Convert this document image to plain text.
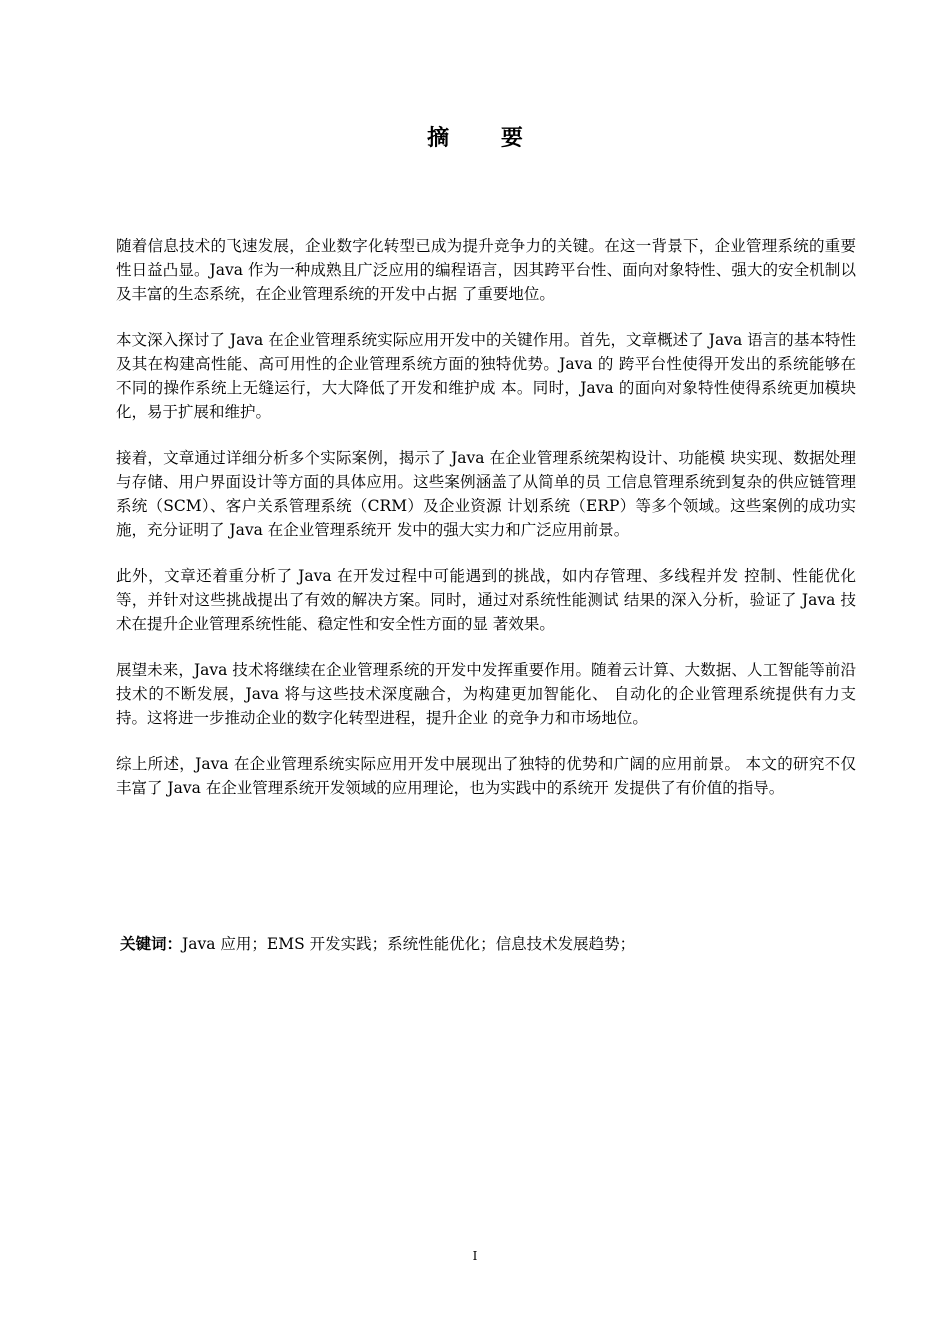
摘 要

随着信息技术的飞速发展，企业数字化转型已成为提升竞争力的关键。在这一背景下，企业管理系统的重要性日益凸显。Java 作为一种成熟且广泛应用的编程语言，因其跨平台性、面向对象特性、强大的安全机制以及丰富的生态系统，在企业管理系统的开发中占据 了重要地位。

本文深入探讨了 Java 在企业管理系统实际应用开发中的关键作用。首先，文章概述了 Java 语言的基本特性及其在构建高性能、高可用性的企业管理系统方面的独特优势。Java 的 跨平台性使得开发出的系统能够在不同的操作系统上无缝运行，大大降低了开发和维护成 本。同时，Java 的面向对象特性使得系统更加模块化，易于扩展和维护。

接着，文章通过详细分析多个实际案例，揭示了 Java 在企业管理系统架构设计、功能模 块实现、数据处理与存储、用户界面设计等方面的具体应用。这些案例涵盖了从简单的员 工信息管理系统到复杂的供应链管理系统（SCM）、客户关系管理系统（CRM）及企业资源 计划系统（ERP）等多个领域。这些案例的成功实施，充分证明了 Java 在企业管理系统开 发中的强大实力和广泛应用前景。

此外，文章还着重分析了 Java 在开发过程中可能遇到的挑战，如内存管理、多线程并发 控制、性能优化等，并针对这些挑战提出了有效的解决方案。同时，通过对系统性能测试 结果的深入分析，验证了 Java 技术在提升企业管理系统性能、稳定性和安全性方面的显 著效果。

展望未来，Java 技术将继续在企业管理系统的开发中发挥重要作用。随着云计算、大数据、人工智能等前沿技术的不断发展，Java 将与这些技术深度融合，为构建更加智能化、 自动化的企业管理系统提供有力支持。这将进一步推动企业的数字化转型进程，提升企业 的竞争力和市场地位。

综上所述，Java 在企业管理系统实际应用开发中展现出了独特的优势和广阔的应用前景。 本文的研究不仅丰富了 Java 在企业管理系统开发领域的应用理论，也为实践中的系统开 发提供了有价值的指导。

关键词：Java 应用；EMS 开发实践；系统性能优化；信息技术发展趋势；
I
